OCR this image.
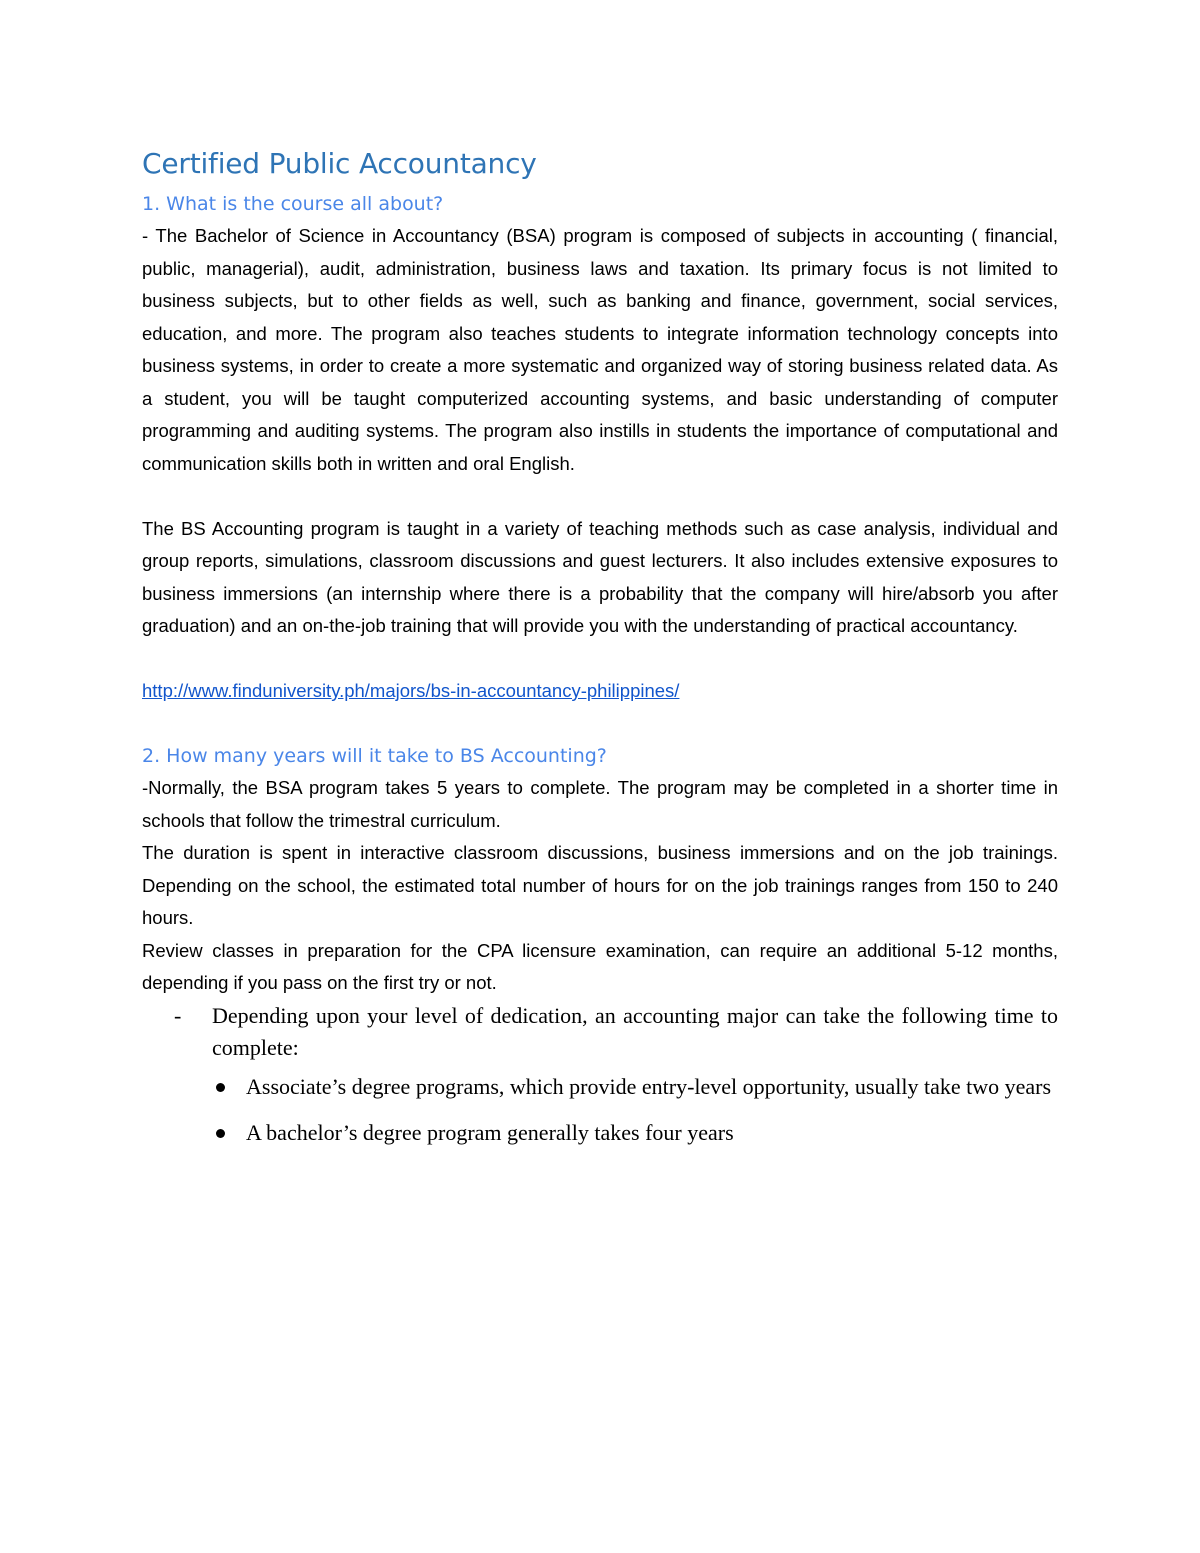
Certified Public Accountancy
1. What is the course all about?

- The Bachelor of Science in Accountancy (BSA) program is composed of subjects in accounting ( financial, public, managerial), audit, administration, business laws and taxation. Its primary focus is not limited to business subjects, but to other fields as well, such as banking and finance, government, social services, education, and more. The program also teaches students to integrate information technology concepts into business systems, in order to create a more systematic and organized way of storing business related data. As a student, you will be taught computerized accounting systems, and basic understanding of computer programming and auditing systems. The program also instills in students the importance of computational and communication skills both in written and oral English.

The BS Accounting program is taught in a variety of teaching methods such as case analysis, individual and group reports, simulations, classroom discussions and guest lecturers. It also includes extensive exposures to business immersions (an internship where there is a probability that the company will hire/absorb you after graduation) and an on-the-job training that will provide you with the understanding of practical accountancy.

http://www.finduniversity.ph/majors/bs-in-accountancy-philippines/
2. How many years will it take to BS Accounting?

-Normally, the BSA program takes 5 years to complete. The program may be completed in a shorter time in schools that follow the trimestral curriculum.

The duration is spent in interactive classroom discussions, business immersions and on the job trainings. Depending on the school, the estimated total number of hours for on the job trainings ranges from 150 to 240 hours.

Review classes in preparation for the CPA licensure examination, can require an additional 5-12 months, depending if you pass on the first try or not.

- Depending upon your level of dedication, an accounting major can take the following time to complete:
Associate’s degree programs, which provide entry-level opportunity, usually take two years
A bachelor’s degree program generally takes four years
